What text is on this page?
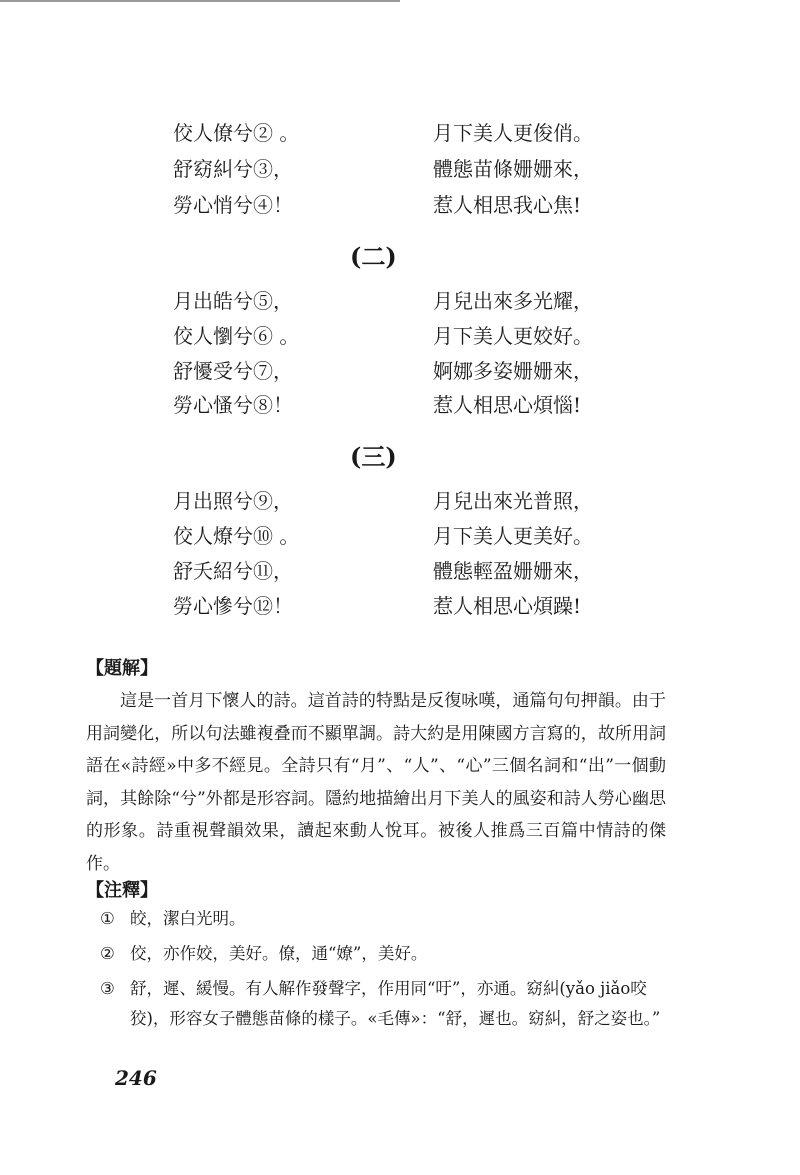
佼人僚兮② 。	月下美人更俊俏。
舒窈糾兮③，	體態苗條姗姗來，
勞心悄兮④！	惹人相思我心焦!
(二)
月出皓兮⑤，	月兒出來多光耀，
佼人懰兮⑥ 。	月下美人更姣好。
舒懮受兮⑦，	婀娜多姿姗姗來，
勞心慅兮⑧！	惹人相思心煩惱!
(三)
月出照兮⑨，	月兒出來光普照，
佼人燎兮⑩ 。	月下美人更美好。
舒夭紹兮⑪，	體態輕盈姗姗來，
勞心慘兮⑫！	惹人相思心煩躁!
【題解】
這是一首月下懷人的詩。這首詩的特點是反復咏嘆，通篇句句押韻。由于用詞變化，所以句法雖複叠而不顯單調。詩大約是用陳國方言寫的，故所用詞語在«詩經»中多不經見。全詩只有“月”、“人”、“心”三個名詞和“出”一個動詞，其餘除“兮”外都是形容詞。隱約地描繪出月下美人的風姿和詩人勞心幽思的形象。詩重視聲韻效果，讀起來動人悅耳。被後人推爲三百篇中情詩的傑作。
【注釋】
① 皎，潔白光明。
② 佼，亦作姣，美好。僚，通“嫽”，美好。
③ 舒，遲、緩慢。有人解作發聲字，作用同“吁”，亦通。窈糾(yǎo jiǎo咬狡)，形容女子體態苗條的樣子。«毛傳»：“舒，遲也。窈糾，舒之姿也。”
246
